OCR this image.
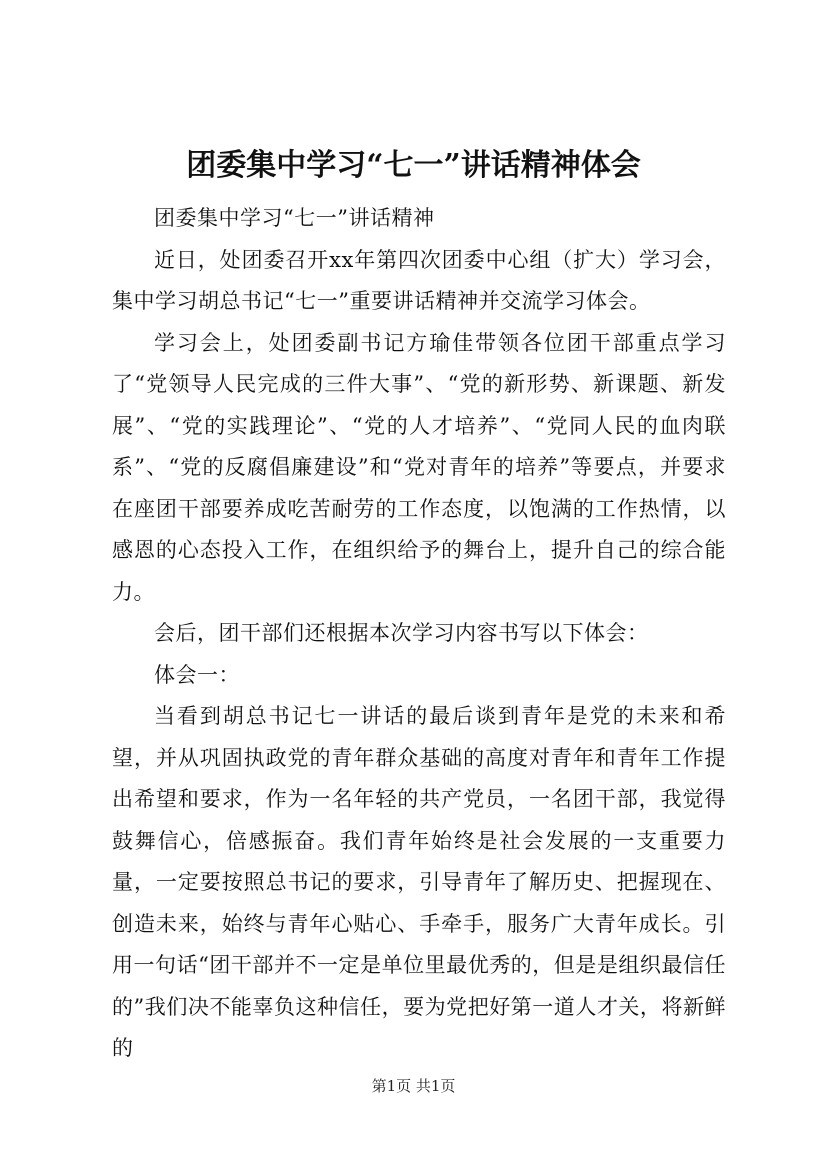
团委集中学习“七一”讲话精神体会

团委集中学习“七一”讲话精神

近日，处团委召开xx年第四次团委中心组（扩大）学习会，集中学习胡总书记“七一”重要讲话精神并交流学习体会。

学习会上，处团委副书记方瑜佳带领各位团干部重点学习了“党领导人民完成的三件大事”、“党的新形势、新课题、新发展”、“党的实践理论”、“党的人才培养”、“党同人民的血肉联系”、“党的反腐倡廉建设”和“党对青年的培养”等要点，并要求在座团干部要养成吃苦耐劳的工作态度，以饱满的工作热情，以感恩的心态投入工作，在组织给予的舞台上，提升自己的综合能力。

会后，团干部们还根据本次学习内容书写以下体会：

体会一：

当看到胡总书记七一讲话的最后谈到青年是党的未来和希望，并从巩固执政党的青年群众基础的高度对青年和青年工作提出希望和要求，作为一名年轻的共产党员，一名团干部，我觉得鼓舞信心，倍感振奋。我们青年始终是社会发展的一支重要力量，一定要按照总书记的要求，引导青年了解历史、把握现在、创造未来，始终与青年心贴心、手牵手，服务广大青年成长。引用一句话“团干部并不一定是单位里最优秀的，但是是组织最信任的”我们决不能辜负这种信任，要为党把好第一道人才关，将新鲜的

第1页 共1页
